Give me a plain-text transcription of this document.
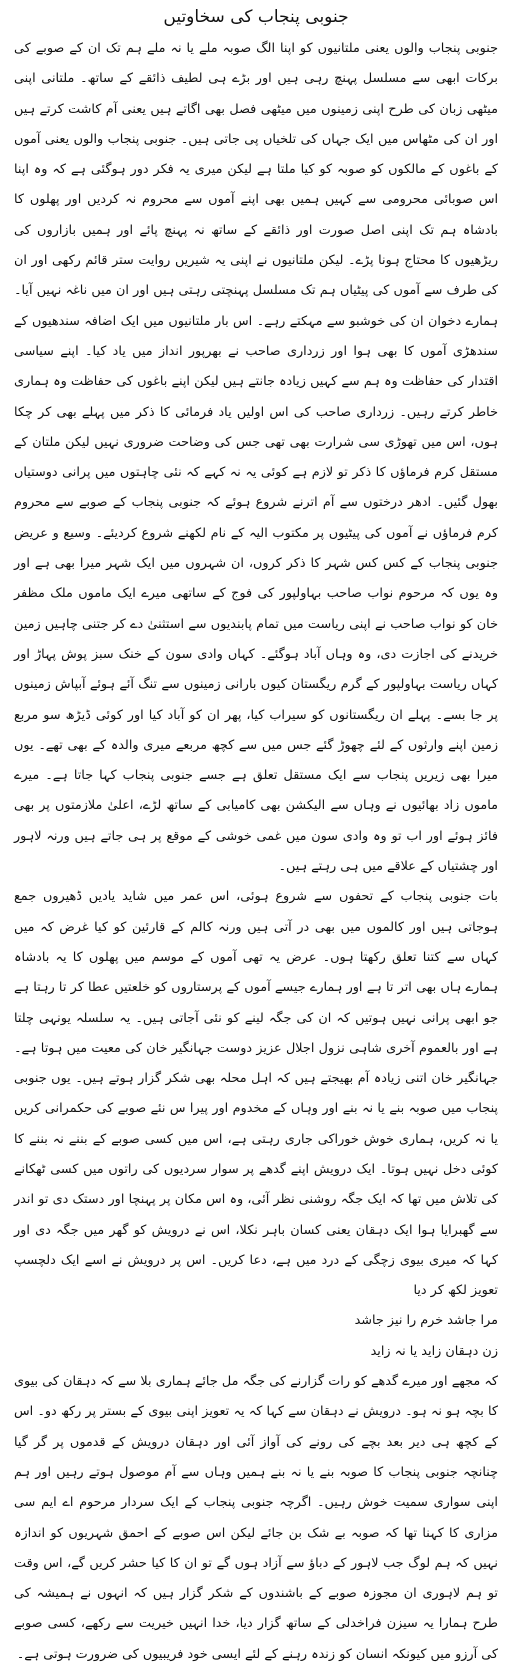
جنوبی پنجاب کی سخاوتیں

جنوبی پنجاب والوں یعنی ملتانیوں کو اپنا الگ صوبہ ملے یا نہ ملے ہم تک ان کے صوبے کی برکات ابھی سے مسلسل پہنچ رہی ہیں اور بڑے ہی لطیف ذائقے کے ساتھ۔ ملتانی اپنی میٹھی زبان کی طرح اپنی زمینوں میں میٹھی فصل بھی اگاتے ہیں یعنی آم کاشت کرتے ہیں اور ان کی مٹھاس میں ایک جہاں کی تلخیاں پی جاتی ہیں۔ جنوبی پنجاب والوں یعنی آموں کے باغوں کے مالکوں کو صوبہ کو کیا ملتا ہے لیکن میری یہ فکر دور ہوگئی ہے کہ وہ اپنا اس صوبائی محرومی سے کہیں ہمیں بھی اپنے آموں سے محروم نہ کردیں اور پھلوں کا بادشاہ ہم تک اپنی اصل صورت اور ذائقے کے ساتھ نہ پہنچ پائے اور ہمیں بازاروں کی ریڑھیوں کا محتاج ہونا پڑے۔ لیکن ملتانیوں نے اپنی یہ شیریں روایت ستر قائم رکھی اور ان کی طرف سے آموں کی پیٹیاں ہم تک مسلسل پہنچتی رہتی ہیں اور ان میں ناغہ نہیں آیا۔ ہمارے دخوان ان کی خوشبو سے مہکتے رہے۔ اس بار ملتانیوں میں ایک اضافہ سندھیوں کے سندھڑی آموں کا بھی ہوا اور زرداری صاحب نے بھرپور انداز میں یاد کیا۔ اپنے سیاسی اقتدار کی حفاظت وہ ہم سے کہیں زیادہ جانتے ہیں لیکن اپنے باغوں کی حفاظت وہ ہماری خاطر کرتے رہیں۔ زرداری صاحب کی اس اولیں یاد فرمائی کا ذکر میں پہلے بھی کر چکا ہوں، اس میں تھوڑی سی شرارت بھی تھی جس کی وضاحت ضروری نہیں لیکن ملتان کے مستقل کرم فرماؤں کا ذکر تو لازم ہے کوئی یہ نہ کہے کہ نئی چاہتوں میں پرانی دوستیاں بھول گئیں۔ ادھر درختوں سے آم اترنے شروع ہوئے کہ جنوبی پنجاب کے صوبے سے محروم کرم فرماؤں نے آموں کی پیٹیوں پر مکتوب الیہ کے نام لکھنے شروع کردیئے۔ وسیع و عریض جنوبی پنجاب کے کس کس شہر کا ذکر کروں، ان شہروں میں ایک شہر میرا بھی ہے اور وہ یوں کہ مرحوم نواب صاحب بہاولپور کی فوج کے ساتھی میرے ایک ماموں ملک مظفر خان کو نواب صاحب نے اپنی ریاست میں تمام پابندیوں سے استثنیٰ دے کر جتنی چاہیں زمین خریدنے کی اجازت دی، وہ وہاں آباد ہوگئے۔ کہاں وادی سون کے خنک سبز پوش پہاڑ اور کہاں ریاست بہاولپور کے گرم ریگستان کیوں بارانی زمینوں سے تنگ آئے ہوئے آبپاش زمینوں پر جا بسے۔ پہلے ان ریگستانوں کو سیراب کیا، پھر ان کو آباد کیا اور کوئی ڈیڑھ سو مربع زمین اپنے وارثوں کے لئے چھوڑ گئے جس میں سے کچھ مربعے میری والدہ کے بھی تھے۔ یوں میرا بھی زیریں پنجاب سے ایک مستقل تعلق ہے جسے جنوبی پنجاب کہا جاتا ہے۔ میرے ماموں زاد بھائیوں نے وہاں سے الیکشن بھی کامیابی کے ساتھ لڑے، اعلیٰ ملازمتوں پر بھی فائز ہوئے اور اب تو وہ وادی سون میں غمی خوشی کے موقع پر ہی جاتے ہیں ورنہ لاہور اور چشتیاں کے علاقے میں ہی رہتے ہیں۔

بات جنوبی پنجاب کے تحفوں سے شروع ہوئی، اس عمر میں شاید یادیں ڈھیروں جمع ہوجاتی ہیں اور کالموں میں بھی در آتی ہیں ورنہ کالم کے قارئین کو کیا غرض کہ میں کہاں سے کتنا تعلق رکھتا ہوں۔ عرض یہ تھی آموں کے موسم میں پھلوں کا یہ بادشاہ ہمارے ہاں بھی اتر تا ہے اور ہمارے جیسے آموں کے پرستاروں کو خلعتیں عطا کر تا رہتا ہے جو ابھی پرانی نہیں ہوتیں کہ ان کی جگہ لینے کو نئی آجاتی ہیں۔ یہ سلسلہ یونہی چلتا ہے اور بالعموم آخری شاہی نزول اجلال عزیز دوست جہانگیر خان کی معیت میں ہوتا ہے۔ جہانگیر خان اتنی زیادہ آم بھیجتے ہیں کہ اہل محلہ بھی شکر گزار ہوتے ہیں۔ یوں جنوبی پنجاب میں صوبہ بنے یا نہ بنے اور وہاں کے مخدوم اور پیرا س نئے صوبے کی حکمرانی کریں یا نہ کریں، ہماری خوش خوراکی جاری رہتی ہے، اس میں کسی صوبے کے بننے نہ بننے کا کوئی دخل نہیں ہوتا۔ ایک درویش اپنے گدھے پر سوار سردیوں کی راتوں میں کسی ٹھکانے کی تلاش میں تھا کہ ایک جگہ روشنی نظر آئی، وہ اس مکان پر پہنچا اور دستک دی تو اندر سے گھبرایا ہوا ایک دہقان یعنی کسان باہر نکلا، اس نے درویش کو گھر میں جگہ دی اور کہا کہ میری بیوی زچگی کے درد میں ہے، دعا کریں۔ اس پر درویش نے اسے ایک دلچسپ تعویز لکھ کر دیا

مرا جاشد خرم را نیز جاشد

زن دہقان زاید یا نہ زاید

کہ مجھے اور میرے گدھے کو رات گزارنے کی جگہ مل جائے ہماری بلا سے کہ دہقان کی بیوی کا بچہ ہو نہ ہو۔ درویش نے دہقان سے کہا کہ یہ تعویز اپنی بیوی کے بستر پر رکھ دو۔ اس کے کچھ ہی دیر بعد بچے کی رونے کی آواز آئی اور دہقان درویش کے قدموں پر گر گیا چنانچہ جنوبی پنجاب کا صوبہ بنے یا نہ بنے ہمیں وہاں سے آم موصول ہوتے رہیں اور ہم اپنی سواری سمیت خوش رہیں۔ اگرچہ جنوبی پنجاب کے ایک سردار مرحوم اے ایم سی مزاری کا کہنا تھا کہ صوبہ بے شک بن جائے لیکن اس صوبے کے احمق شہریوں کو اندازہ نہیں کہ ہم لوگ جب لاہور کے دباؤ سے آزاد ہوں گے تو ان کا کیا حشر کریں گے، اس وقت تو ہم لاہوری ان مجوزہ صوبے کے باشندوں کے شکر گزار ہیں کہ انہوں نے ہمیشہ کی طرح ہمارا یہ سیزن فراخدلی کے ساتھ گزار دیا، خدا انہیں خیریت سے رکھے، کسی صوبے کی آرزو میں کیونکہ انسان کو زندہ رہنے کے لئے ایسی خود فریبیوں کی ضرورت ہوتی ہے۔
